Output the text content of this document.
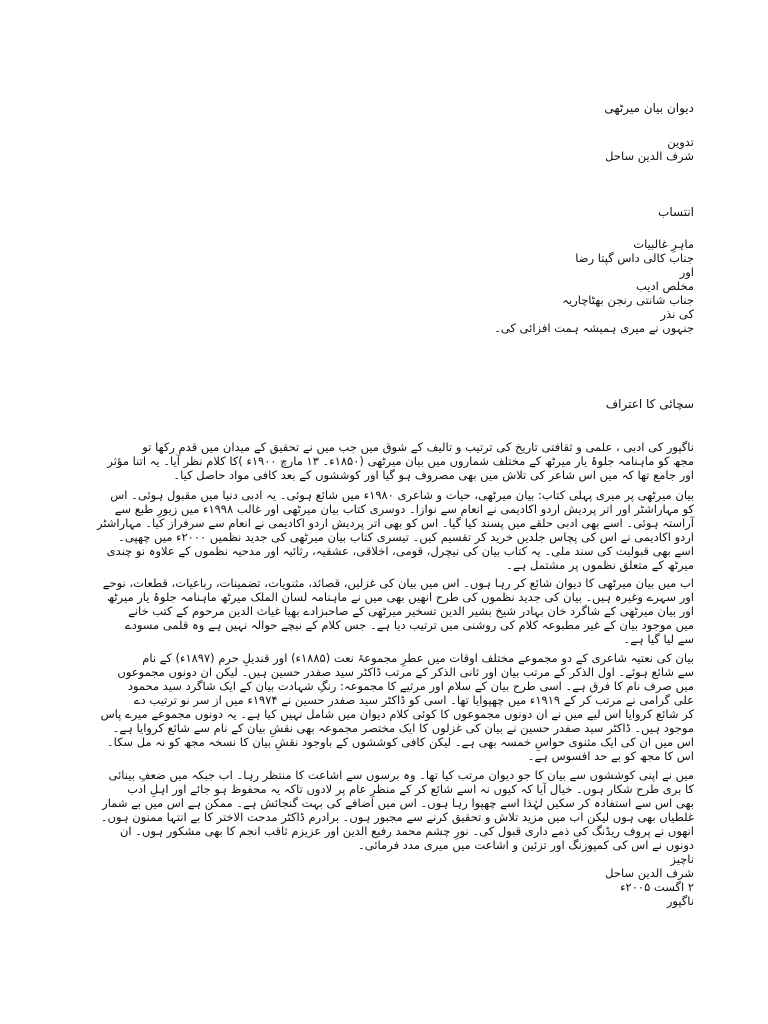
دیوان بیان میرٹھی

تدوین

شرف الدین ساحل

انتساب

ماہرِ غالبیات

جناب کالی داس گپتا رضا

اور

مخلص ادیب

جناب شانتی رنجن بھٹاچاریہ

کی نذر

جنہوں نے میری ہمیشہ ہمت افزائی کی۔

سچائی کا اعتراف

ناگپور کی ادبی ، علمی و ثقافتی تاریخ کی ترتیب و تالیف کے شوق میں جب میں نے تحقیق کے میدان میں قدم رکھا تو

مجھ کو ماہنامہ جلوۂ یار میرٹھ کے مختلف شماروں میں بیان میرٹھی (۱۸۵۰ء۔ ۱۳ مارچ ۱۹۰۰ء )کا کلام نظر آیا۔ یہ اتنا مؤثر

اور جامع تھا کہ میں اس شاعر کی تلاش میں بھی مصروف ہو گیا اور کوششوں کے بعد کافی مواد حاصل کیا۔

بیان میرٹھی پر میری پہلی کتاب: بیان میرٹھی، حیات و شاعری ۱۹۸۰ء میں شائع ہوئی۔ یہ ادبی دنیا میں مقبول ہوئی۔ اس

کو مہاراشٹر اور اتر پردیش اردو اکادیمی نے انعام سے نوازا۔ دوسری کتاب بیان میرٹھی اور غالب ۱۹۹۸ء میں زیورِ طبع سے

آراستہ ہوئی۔ اسے بھی ادبی حلقے میں پسند کیا گیا۔ اس کو بھی اتر پردیش اردو اکادیمی نے انعام سے سرفراز کیا۔ مہاراشٹر

اردو اکادیمی نے اس کی پچاس جلدیں خرید کر تقسیم کیں۔ تیسری کتاب بیان میرٹھی کی جدید نظمیں ۲۰۰۰ء میں چھپی۔

اسے بھی قبولیت کی سند ملی۔ یہ کتاب بیان کی نیچرل، قومی، اخلاقی، عشقیہ، رثائیہ اور مدحیہ نظموں کے علاوہ نو چندی

میرٹھ کے متعلق نظموں پر مشتمل ہے۔

اب میں بیان میرٹھی کا دیوان شائع کر رہا ہوں۔ اس میں بیان کی غزلیں، قصائد، مثنویات، تضمینات، رباعیات، قطعات، نوحے

اور سہرے وغیرہ ہیں۔ بیان کی جدید نظموں کی طرح انھیں بھی میں نے ماہنامہ لسان الملک میرٹھ ماہنامہ جلوۂ یار میرٹھ

اور بیان میرٹھی کے شاگرد خان بہادر شیخ بشیر الدین تسخیر میرٹھی کے صاحبزادے بھیا غیاث الدین مرحوم کے کتب خانے

میں موجود بیان کے غیر مطبوعہ کلام کی روشنی میں ترتیب دیا ہے۔ جس کلام کے نیچے حوالہ نہیں ہے وہ قلمی مسودے

سے لیا گیا ہے۔

بیان کی نعتیہ شاعری کے دو مجموعے مختلف اوقات میں عطرِ مجموعۂ نعت (۱۸۸۵ء) اور قندیلِ حرم (۱۸۹۷ء) کے نام

سے شائع ہوئے۔ اول الذکر کے مرتب بیان اور ثانی الذکر کے مرتب ڈاکٹر سید صفدر حسین ہیں۔ لیکن ان دونوں مجموعوں

میں صرف نام کا فرق ہے۔ اسی طرح بیان کے سلام اور مرثیے کا مجموعہ: رنگِ شہادت بیان کے ایک شاگرد سید محمود

علی گرامی نے مرتب کر کے ۱۹۱۹ء میں چھپوایا تھا۔ اسی کو ڈاکٹر سید صفدر حسین نے ۱۹۷۴ء میں از سر نو ترتیب دے

کر شائع کروایا اس لیے میں نے ان دونوں مجموعوں کا کوئی کلام دیوان میں شامل نہیں کیا ہے۔ یہ دونوں مجموعے میرے پاس

موجود ہیں۔ ڈاکٹر سید صفدر حسین نے بیان کی غزلوں کا ایک مختصر مجموعہ بھی نقشِ بیان کے نام سے شائع کروایا ہے۔

اس میں ان کی ایک مثنوی حواسِ خمسہ بھی ہے۔ لیکن کافی کوششوں کے باوجود نقشِ بیان کا نسخہ مجھ کو نہ مل سکا۔

اس کا مجھ کو بے حد افسوس ہے۔

میں نے اپنی کوششوں سے بیان کا جو دیوان مرتب کیا تھا۔ وہ برسوں سے اشاعت کا منتظر رہا۔ اب جبکہ میں ضعفِ بینائی

کا بری طرح شکار ہوں۔ خیال آیا کہ کیوں نہ اسے شائع کر کے منظرِ عام پر لادوں تاکہ یہ محفوظ ہو جائے اور اہلِ ادب

بھی اس سے استفادہ کر سکیں لہٰذا اسے چھپوا رہا ہوں۔ اس میں اضافے کی بہت گنجائش ہے۔ ممکن ہے اس میں بے شمار

غلطیاں بھی ہوں لیکن اب میں مزید تلاش و تحقیق کرنے سے مجبور ہوں۔ برادرم ڈاکٹر مدحت الاختر کا بے انتہا ممنون ہوں۔

انھوں نے پروف ریڈنگ کی ذمے داری قبول کی۔ نورِ چشم محمد رفیع الدین اور عزیزم ثاقب انجم کا بھی مشکور ہوں۔ ان

دونوں نے اس کی کمپوزنگ اور تزئین و اشاعت میں میری مدد فرمائی۔

ناچیز

شرف الدین ساحل

۲ اگست ۲۰۰۵ء

ناگپور
